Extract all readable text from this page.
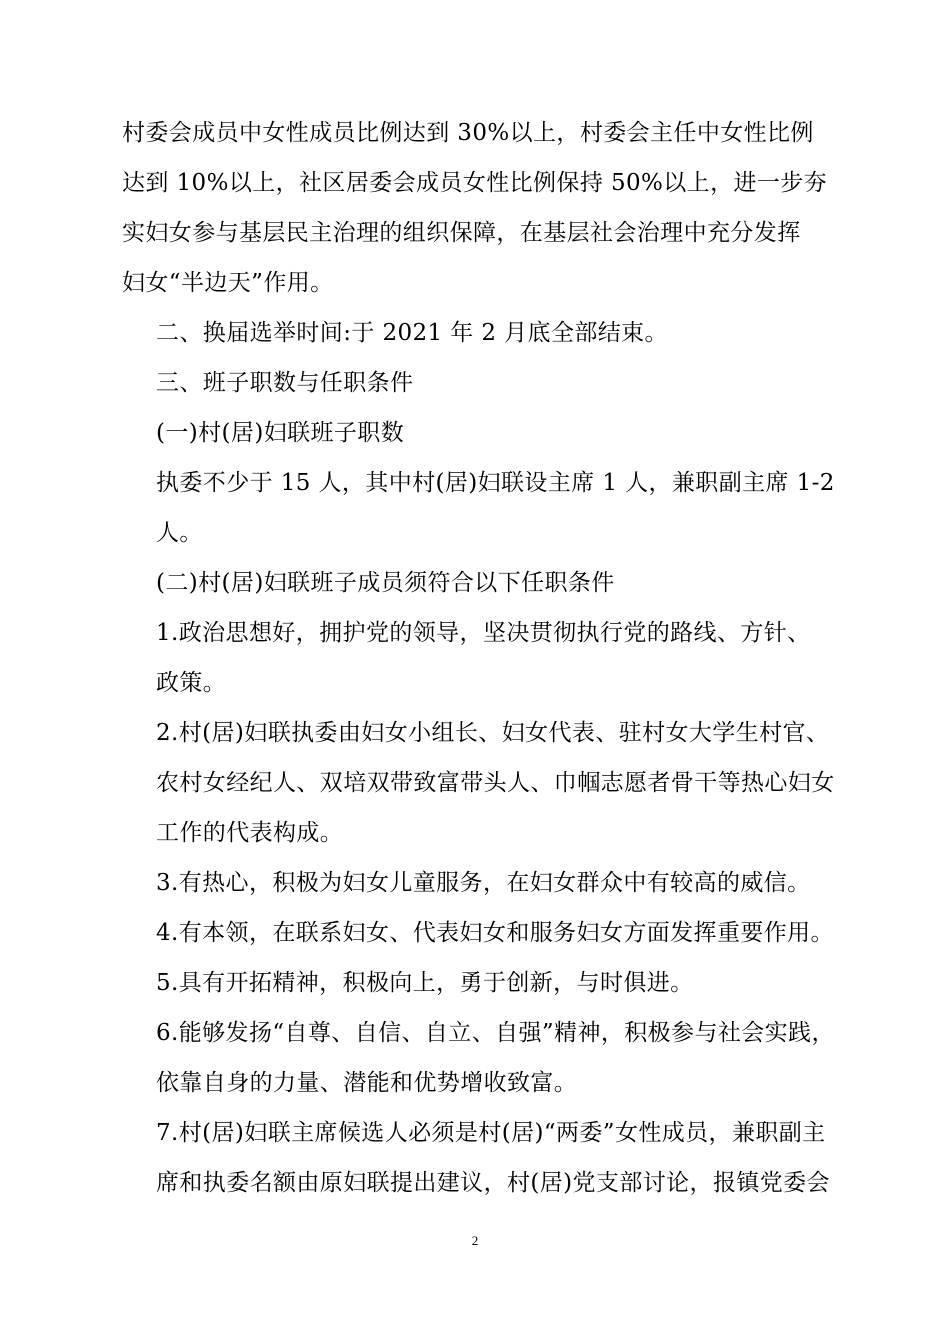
村委会成员中女性成员比例达到 30%以上，村委会主任中女性比例
达到 10%以上，社区居委会成员女性比例保持 50%以上，进一步夯
实妇女参与基层民主治理的组织保障，在基层社会治理中充分发挥
妇女“半边天”作用。

二、换届选举时间:于 2021 年 2 月底全部结束。

三、班子职数与任职条件

(一)村(居)妇联班子职数

执委不少于 15 人，其中村(居)妇联设主席 1 人，兼职副主席 1-2
人。

(二)村(居)妇联班子成员须符合以下任职条件

1.政治思想好，拥护党的领导，坚决贯彻执行党的路线、方针、
政策。

2.村(居)妇联执委由妇女小组长、妇女代表、驻村女大学生村官、
农村女经纪人、双培双带致富带头人、巾帼志愿者骨干等热心妇女
工作的代表构成。

3.有热心，积极为妇女儿童服务，在妇女群众中有较高的威信。

4.有本领，在联系妇女、代表妇女和服务妇女方面发挥重要作用。

5.具有开拓精神，积极向上，勇于创新，与时俱进。

6.能够发扬“自尊、自信、自立、自强”精神，积极参与社会实践，
依靠自身的力量、潜能和优势增收致富。

7.村(居)妇联主席候选人必须是村(居)“两委”女性成员，兼职副主
席和执委名额由原妇联提出建议，村(居)党支部讨论，报镇党委会

2
